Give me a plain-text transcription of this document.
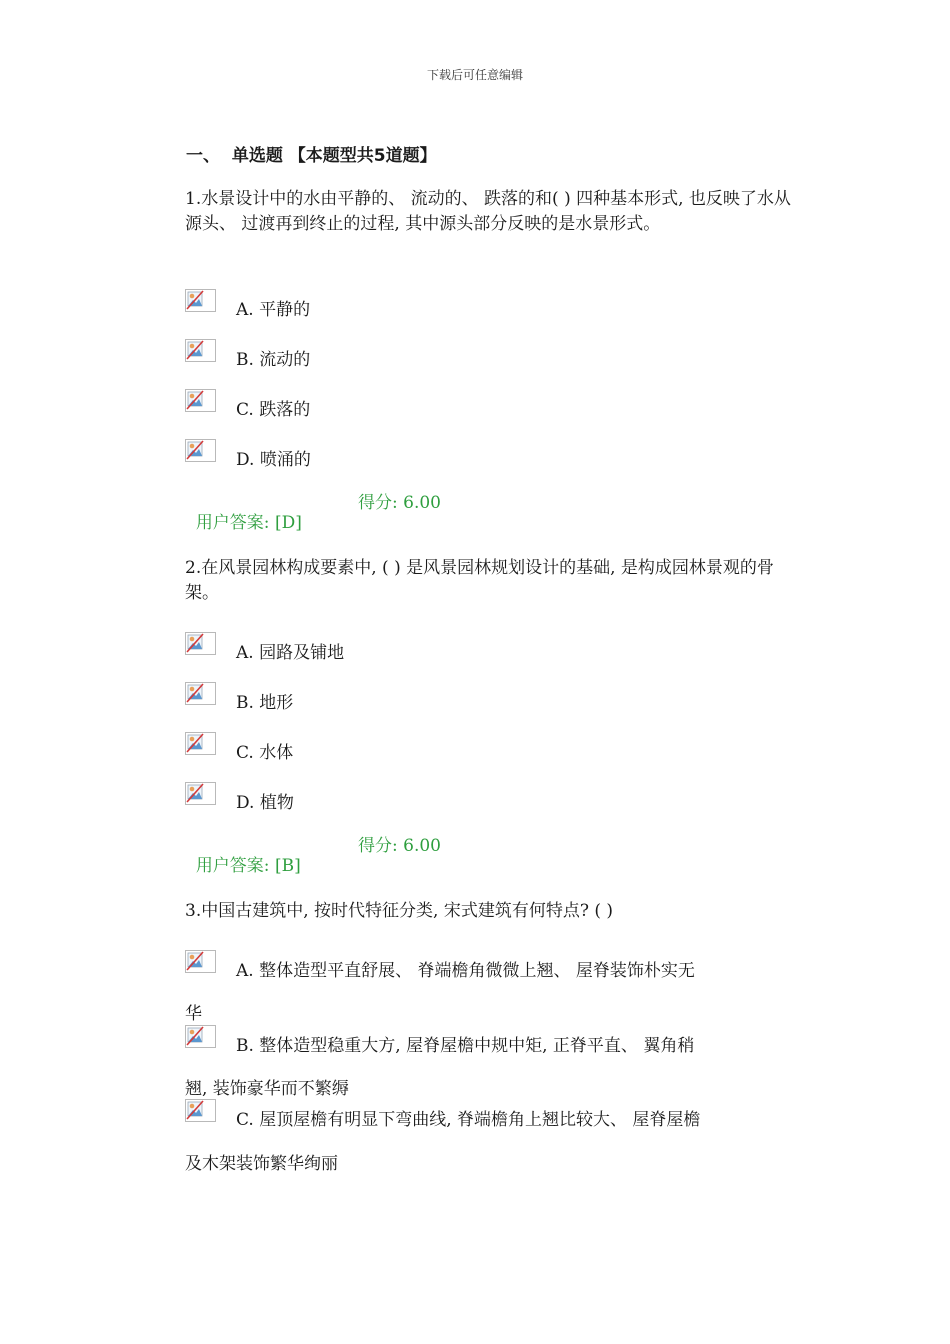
下载后可任意编辑
一、  单选题 【本题型共5道题】
1.水景设计中的水由平静的、 流动的、 跌落的和( ) 四种基本形式, 也反映了水从源头、 过渡再到终止的过程, 其中源头部分反映的是水景形式。
A. 平静的
B. 流动的
C. 跌落的
D. 喷涌的

用户答案: [D]

得分: 6.00

2.在风景园林构成要素中, ( ) 是风景园林规划设计的基础, 是构成园林景观的骨架。
A. 园路及铺地
B. 地形
C. 水体
D. 植物

用户答案: [B]

得分: 6.00

3.中国古建筑中, 按时代特征分类, 宋式建筑有何特点? ( )
A. 整体造型平直舒展、 脊端檐角微微上翘、 屋脊装饰朴实无
华
B. 整体造型稳重大方, 屋脊屋檐中规中矩, 正脊平直、 翼角稍
翘, 装饰豪华而不繁缛
C. 屋顶屋檐有明显下弯曲线, 脊端檐角上翘比较大、 屋脊屋檐
及木架装饰繁华绚丽
